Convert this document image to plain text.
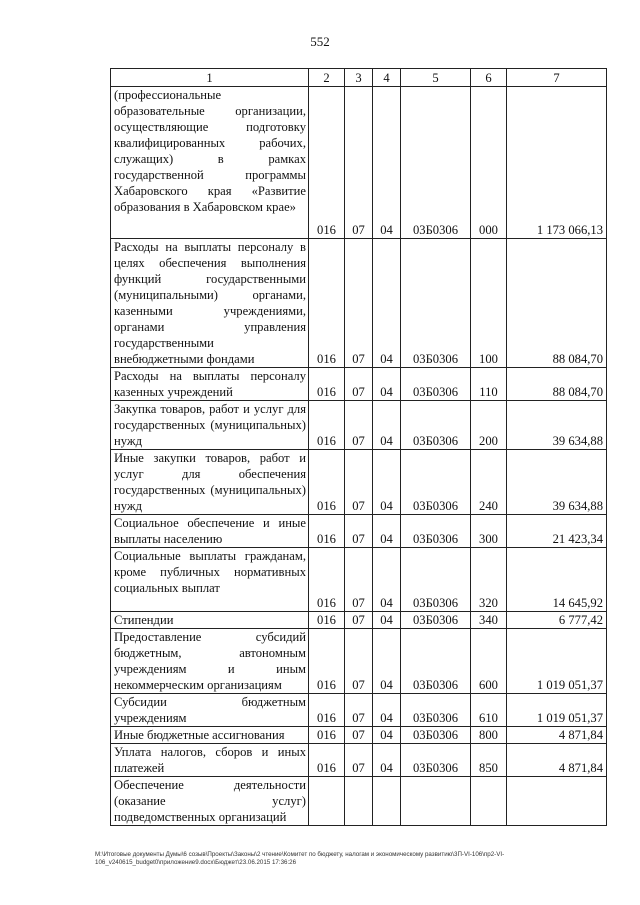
552
1	2	3	4	5	6	7
(профессиональные образовательные организации, осуществляющие подготовку квалифицированных рабочих, служащих) в рамках государственной программы Хабаровского края «Развитие образования в Хабаровском крае»	016	07	04	03Б0306	000	1 173 066,13
Расходы на выплаты персоналу в целях обеспечения выполнения функций государственными (муниципальными) органами, казенными учреждениями, органами управления государственными внебюджетными фондами	016	07	04	03Б0306	100	88 084,70
Расходы на выплаты персоналу казенных учреждений	016	07	04	03Б0306	110	88 084,70
Закупка товаров, работ и услуг для государственных (муниципальных) нужд	016	07	04	03Б0306	200	39 634,88
Иные закупки товаров, работ и услуг для обеспечения государственных (муниципальных) нужд	016	07	04	03Б0306	240	39 634,88
Социальное обеспечение и иные выплаты населению	016	07	04	03Б0306	300	21 423,34
Социальные выплаты гражданам, кроме публичных нормативных социальных выплат	016	07	04	03Б0306	320	14 645,92
Стипендии	016	07	04	03Б0306	340	6 777,42
Предоставление субсидий бюджетным, автономным учреждениям и иным некоммерческим организациям	016	07	04	03Б0306	600	1 019 051,37
Субсидии бюджетным учреждениям	016	07	04	03Б0306	610	1 019 051,37
Иные бюджетные ассигнования	016	07	04	03Б0306	800	4 871,84
Уплата налогов, сборов и иных платежей	016	07	04	03Б0306	850	4 871,84
Обеспечение деятельности (оказание услуг) подведомственных организаций						
М:\Итоговые документы Думы\6 созыв\Проекты\Законы\2 чтение\Комитет по бюджету, налогам и экономическому развитию\3П-VI-106\пр2-VI-106_v240615_budget0\приложение9.docx\Бюджет\23.06.2015 17:36:26
